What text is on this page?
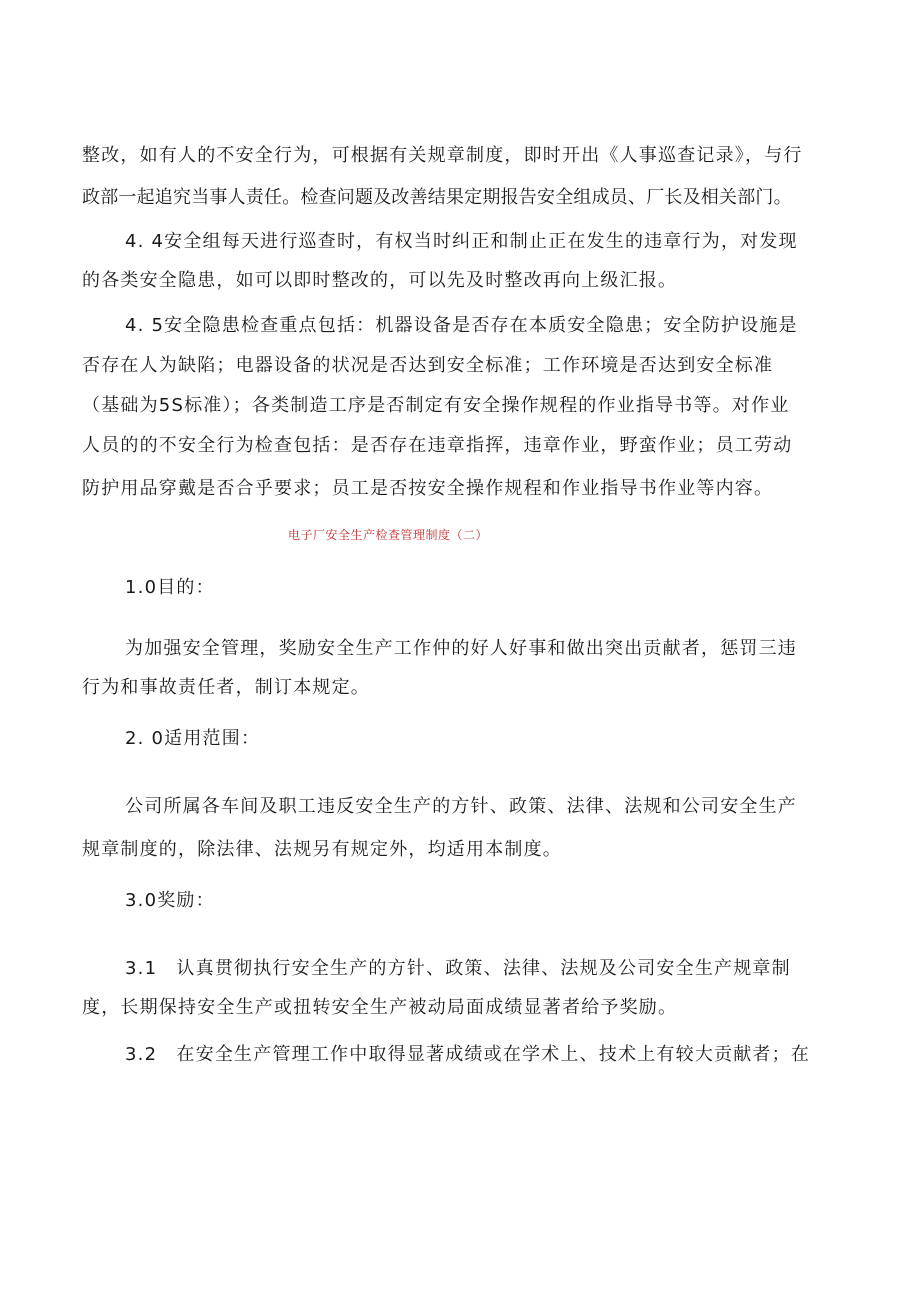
整改，如有人的不安全行为，可根据有关规章制度，即时开出《人事巡查记录》，与行

政部一起追究当事人责任。检查问题及改善结果定期报告安全组成员、厂长及相关部门。

4. 4安全组每天进行巡查时，有权当时纠正和制止正在发生的违章行为，对发现

的各类安全隐患，如可以即时整改的，可以先及时整改再向上级汇报。

4. 5安全隐患检查重点包括：机器设备是否存在本质安全隐患；安全防护设施是

否存在人为缺陷；电器设备的状况是否达到安全标准；工作环境是否达到安全标准

（基础为5S标准）；各类制造工序是否制定有安全操作规程的作业指导书等。对作业

人员的的不安全行为检查包括：是否存在违章指挥，违章作业，野蛮作业；员工劳动

防护用品穿戴是否合乎要求；员工是否按安全操作规程和作业指导书作业等内容。

电子厂安全生产检查管理制度（二）

1.0目的：

为加强安全管理，奖励安全生产工作仲的好人好事和做出突出贡献者，惩罚三违

行为和事故责任者，制订本规定。

2. 0适用范围：

公司所属各车间及职工违反安全生产的方针、政策、法律、法规和公司安全生产

规章制度的，除法律、法规另有规定外，均适用本制度。

3.0奖励：

3.1　认真贯彻执行安全生产的方针、政策、法律、法规及公司安全生产规章制

度，长期保持安全生产或扭转安全生产被动局面成绩显著者给予奖励。

3.2　在安全生产管理工作中取得显著成绩或在学术上、技术上有较大贡献者；在
